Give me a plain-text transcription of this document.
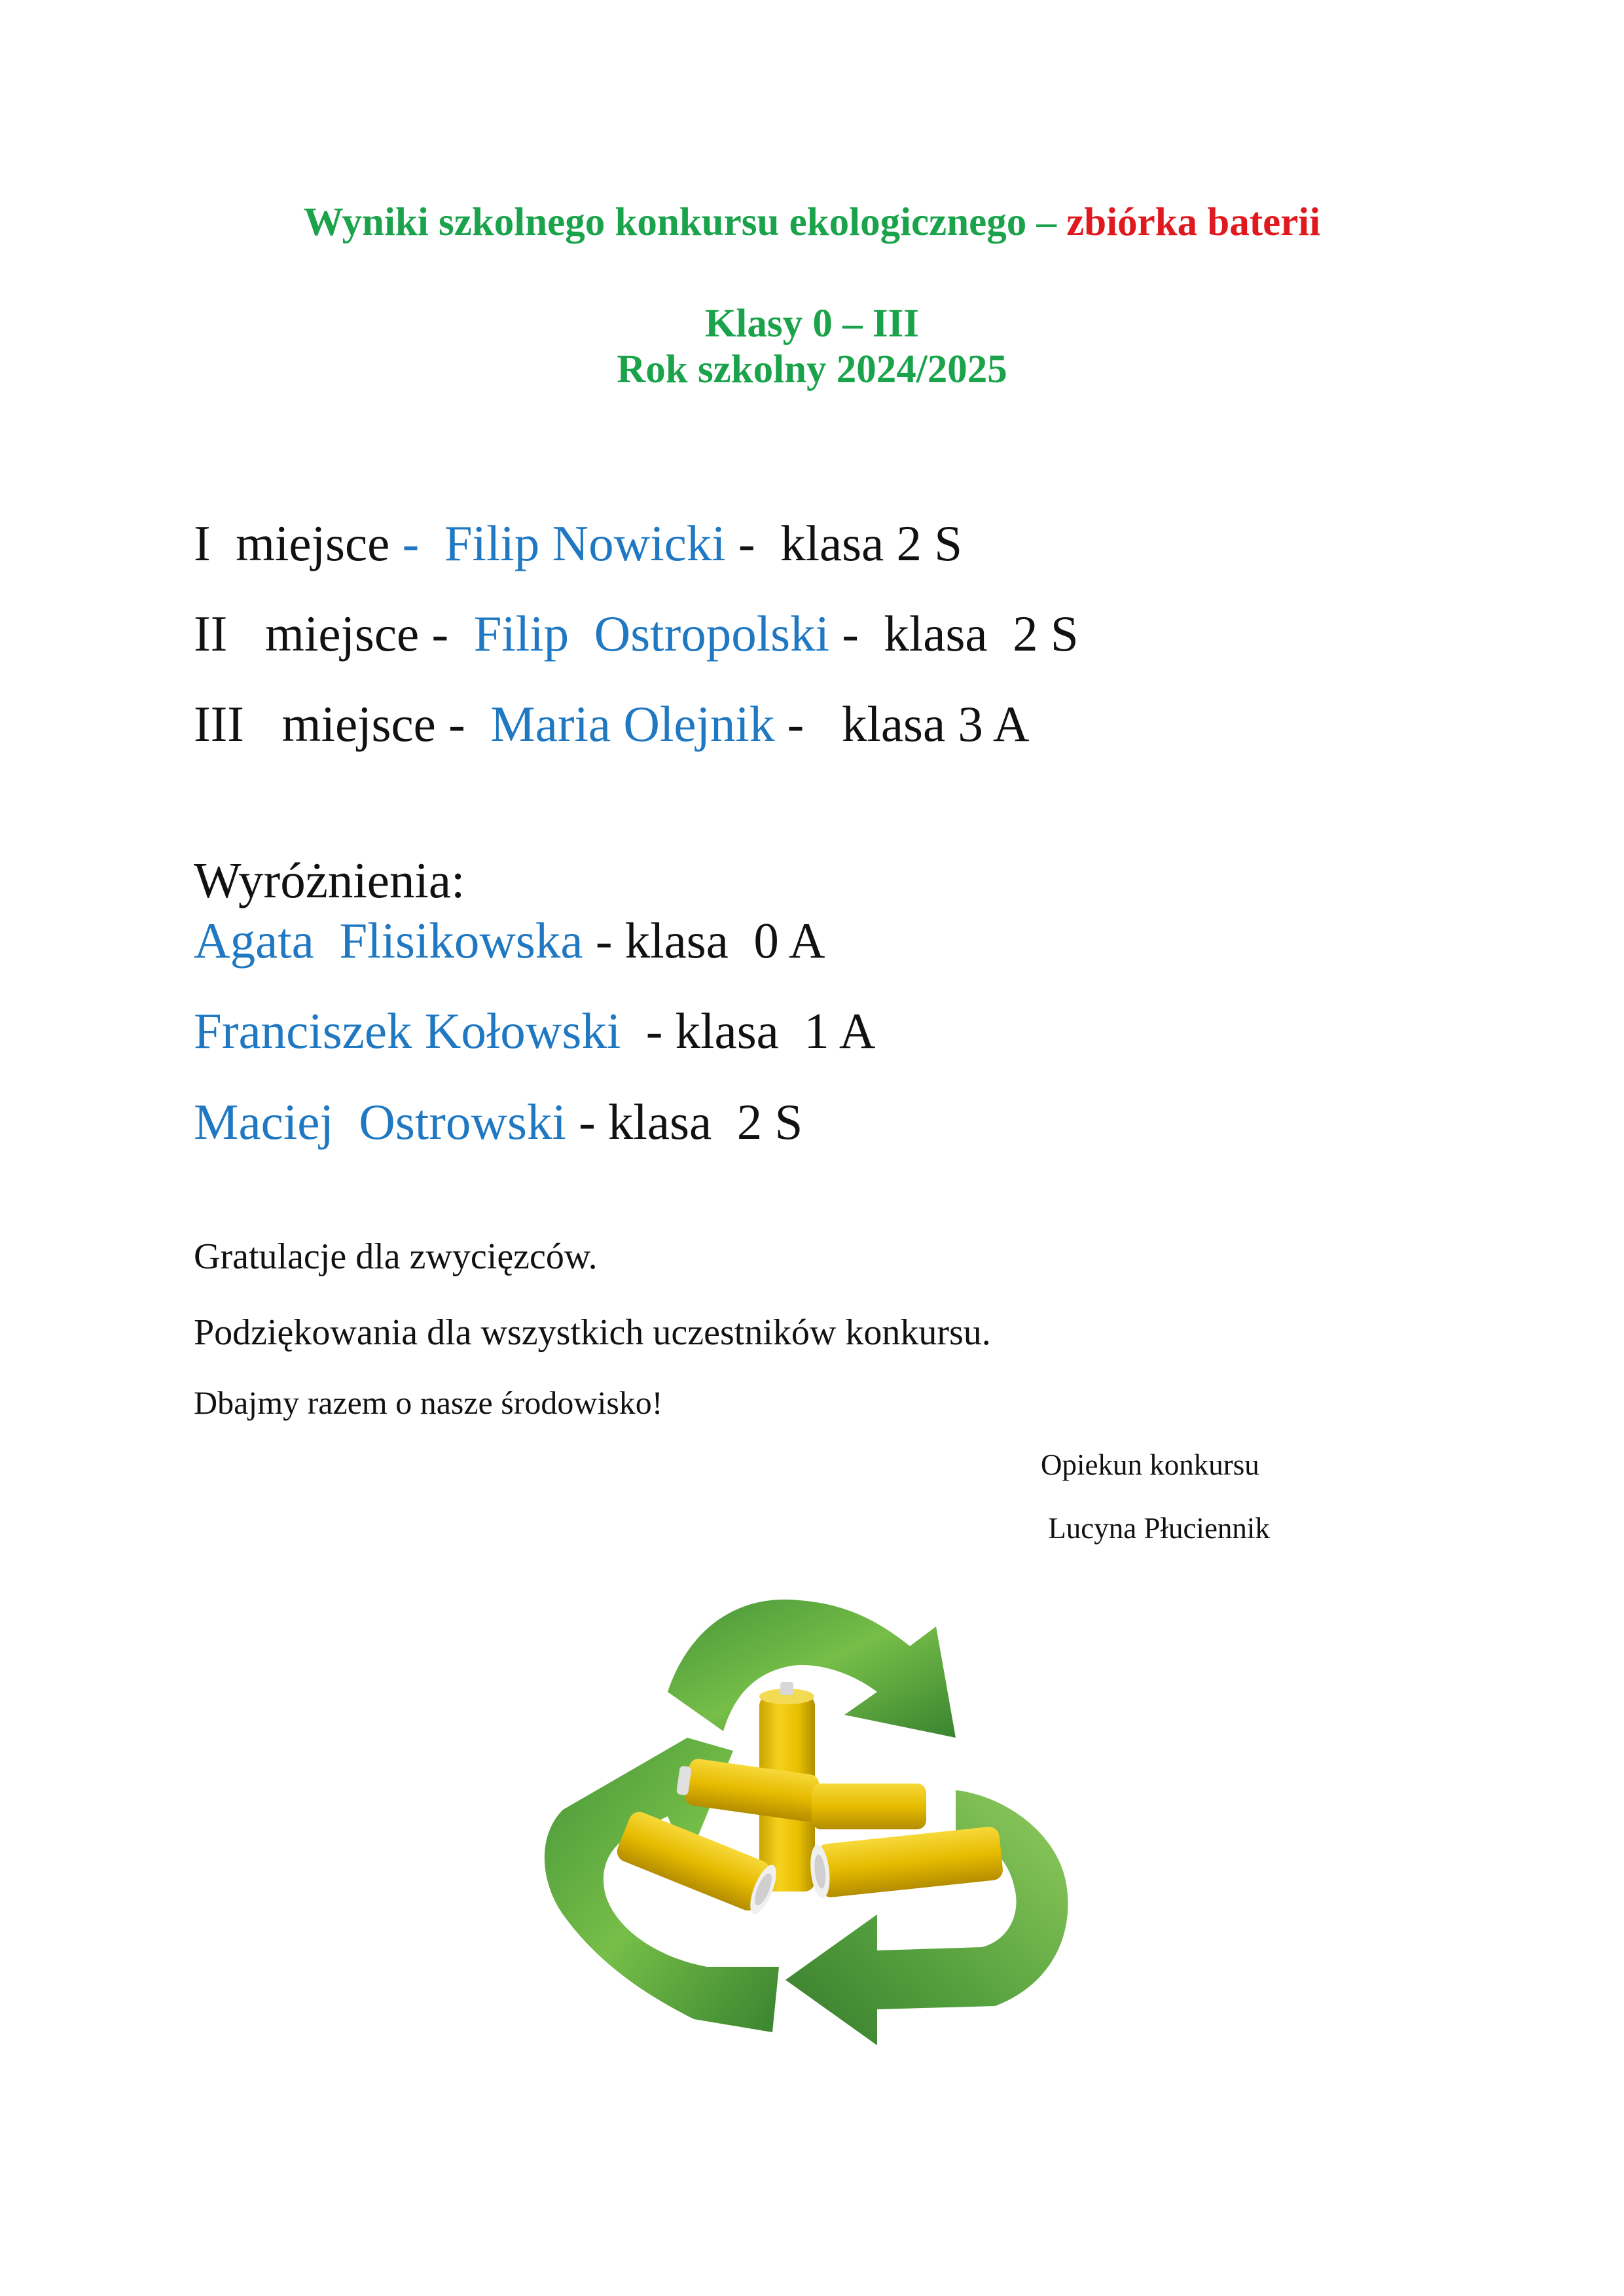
Wyniki szkolnego konkursu ekologicznego – zbiórka baterii
Klasy 0 – III
Rok szkolny 2024/2025
I  miejsce -  Filip Nowicki -  klasa 2 S
II   miejsce -  Filip  Ostropolski -  klasa  2 S
III   miejsce -  Maria Olejnik -   klasa 3 A
Wyróżnienia:
Agata  Flisikowska - klasa  0 A
Franciszek Kołowski  - klasa  1 A
Maciej  Ostrowski - klasa  2 S
Gratulacje dla zwycięzców.
Podziękowania dla wszystkich uczestników konkursu.
Dbajmy razem o nasze środowisko!
Opiekun konkursu
Lucyna Płuciennik
